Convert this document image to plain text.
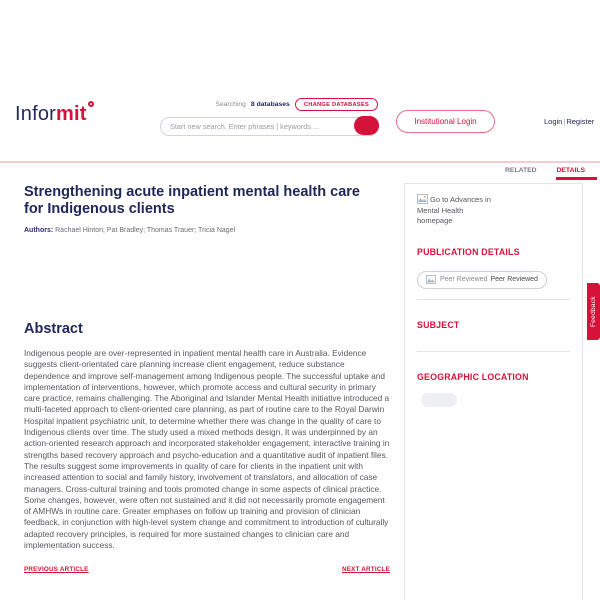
Informit	Searching 8 databases	CHANGE DATABASES
Start new search. Enter phrases | keywords ...
Institutional Login	Login|Register
RELATED	DETAILS
Strengthening acute inpatient mental health care for Indigenous clients
Authors: Rachael Hinton; Pat Bradley; Thomas Trauer; Tricia Nagel
Abstract

Indigenous people are over-represented in inpatient mental health care in Australia. Evidence suggests client-orientated care planning increase client engagement, reduce substance dependence and improve self-management among Indigenous people. The successful uptake and implementation of interventions, however, which promote access and cultural security in primary care practice, remains challenging. The Aboriginal and Islander Mental Health initiative introduced a multi-faceted approach to client-oriented care planning, as part of routine care to the Royal Darwin Hospital inpatient psychiatric unit, to determine whether there was change in the quality of care to Indigenous clients over time. The study used a mixed methods design. It was underpinned by an action-oriented research approach and incorporated stakeholder engagement, interactive training in strengths based recovery approach and psycho-education and a quantitative audit of inpatient files. The results suggest some improvements in quality of care for clients in the inpatient unit with increased attention to social and family history, involvement of translators, and allocation of case managers. Cross-cultural training and tools promoted change in some aspects of clinical practice. Some changes, however, were often not sustained and it did not necessarily promote engagement of AMHWs in routine care. Greater emphases on follow up training and provision of clinician feedback, in conjunction with high-level system change and commitment to introduction of culturally adapted recovery principles, is required for more sustained changes to clinician care and implementation success.

PREVIOUS ARTICLE	NEXT ARTICLE
Go to Advances in Mental Health homepage
PUBLICATION DETAILS
Peer Reviewed Peer Reviewed
SUBJECT
GEOGRAPHIC LOCATION
Feedback
